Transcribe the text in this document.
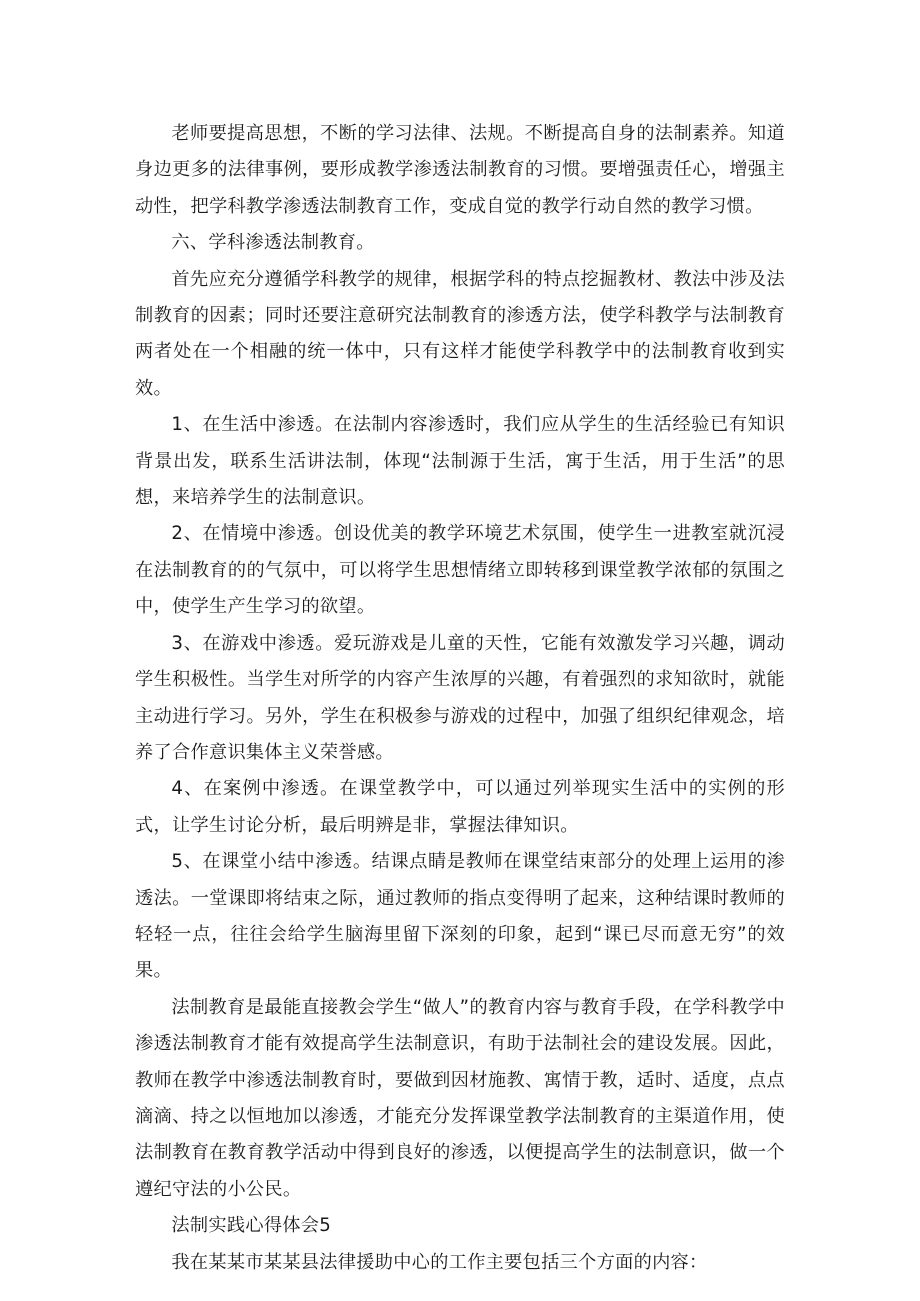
老师要提高思想，不断的学习法律、法规。不断提高自身的法制素养。知道身边更多的法律事例，要形成教学渗透法制教育的习惯。要增强责任心，增强主动性，把学科教学渗透法制教育工作，变成自觉的教学行动自然的教学习惯。

六、学科渗透法制教育。

首先应充分遵循学科教学的规律，根据学科的特点挖掘教材、教法中涉及法制教育的因素；同时还要注意研究法制教育的渗透方法，使学科教学与法制教育两者处在一个相融的统一体中，只有这样才能使学科教学中的法制教育收到实效。

1、在生活中渗透。在法制内容渗透时，我们应从学生的生活经验已有知识背景出发，联系生活讲法制，体现“法制源于生活，寓于生活，用于生活”的思想，来培养学生的法制意识。

2、在情境中渗透。创设优美的教学环境艺术氛围，使学生一进教室就沉浸在法制教育的的气氛中，可以将学生思想情绪立即转移到课堂教学浓郁的氛围之中，使学生产生学习的欲望。

3、在游戏中渗透。爱玩游戏是儿童的天性，它能有效激发学习兴趣，调动学生积极性。当学生对所学的内容产生浓厚的兴趣，有着强烈的求知欲时，就能主动进行学习。另外，学生在积极参与游戏的过程中，加强了组织纪律观念，培养了合作意识集体主义荣誉感。

4、在案例中渗透。在课堂教学中，可以通过列举现实生活中的实例的形式，让学生讨论分析，最后明辨是非，掌握法律知识。

5、在课堂小结中渗透。结课点睛是教师在课堂结束部分的处理上运用的渗透法。一堂课即将结束之际，通过教师的指点变得明了起来，这种结课时教师的轻轻一点，往往会给学生脑海里留下深刻的印象，起到“课已尽而意无穷”的效果。

法制教育是最能直接教会学生“做人”的教育内容与教育手段，在学科教学中渗透法制教育才能有效提高学生法制意识，有助于法制社会的建设发展。因此，教师在教学中渗透法制教育时，要做到因材施教、寓情于教，适时、适度，点点滴滴、持之以恒地加以渗透，才能充分发挥课堂教学法制教育的主渠道作用，使法制教育在教育教学活动中得到良好的渗透，以便提高学生的法制意识，做一个遵纪守法的小公民。

法制实践心得体会5

我在某某市某某县法律援助中心的工作主要包括三个方面的内容：
